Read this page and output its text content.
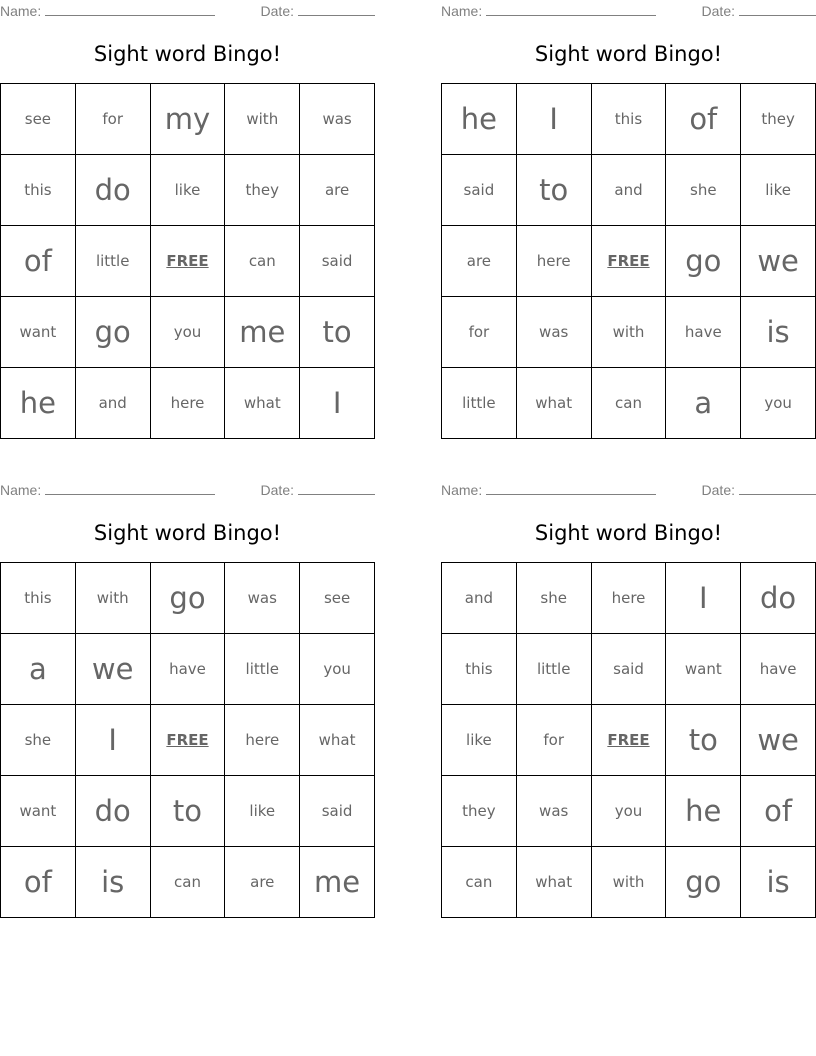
Name:	Date:
Sight word Bingo!
see	for	my	with	was
this	do	like	they	are
of	little	FREE	can	said
want	go	you	me	to
he	and	here	what	I
Name:	Date:
Sight word Bingo!
he	I	this	of	they
said	to	and	she	like
are	here	FREE	go	we
for	was	with	have	is
little	what	can	a	you
Name:	Date:
Sight word Bingo!
this	with	go	was	see
a	we	have	little	you
she	I	FREE	here	what
want	do	to	like	said
of	is	can	are	me
Name:	Date:
Sight word Bingo!
and	she	here	I	do
this	little	said	want	have
like	for	FREE	to	we
they	was	you	he	of
can	what	with	go	is
